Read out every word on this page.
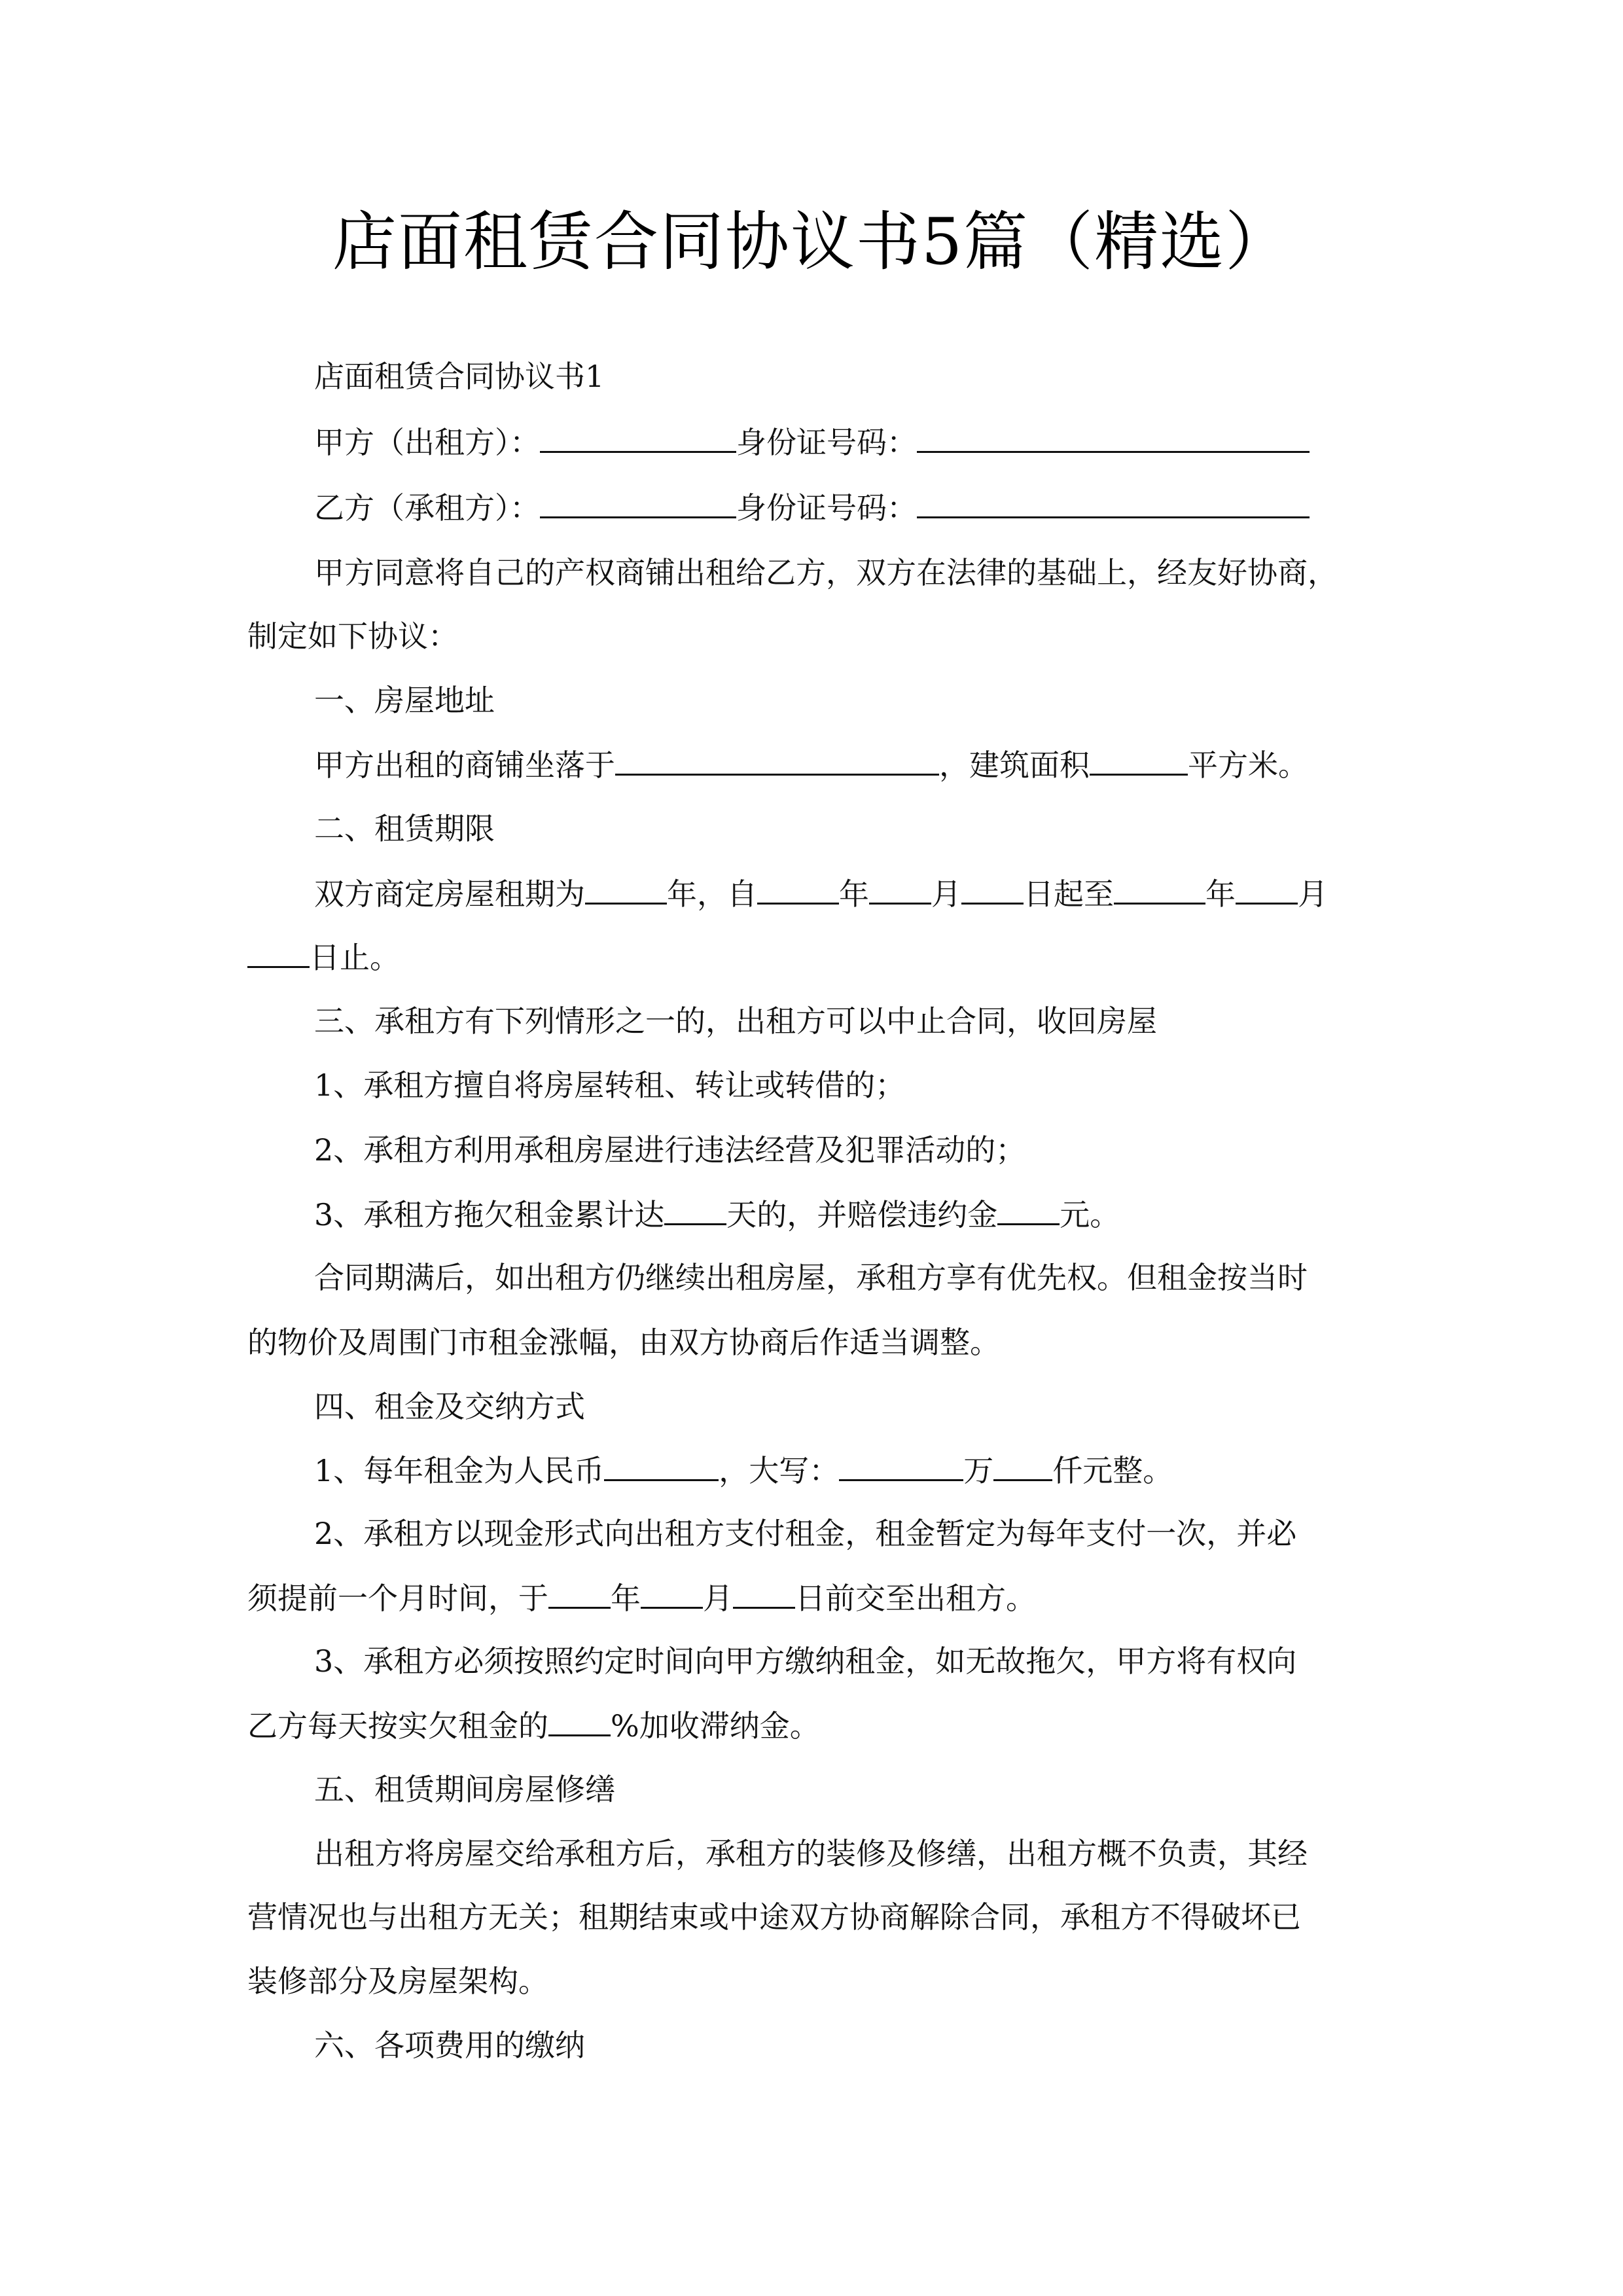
店面租赁合同协议书5篇（精选）
店面租赁合同协议书1
甲方（出租方）：	身份证号码：
乙方（承租方）：	身份证号码：
甲方同意将自己的产权商铺出租给乙方，双方在法律的基础上，经友好协商，
制定如下协议：
一、房屋地址
甲方出租的商铺坐落于	，建筑面积	平方米。
二、租赁期限
双方商定房屋租期为	年，自	年 月 日起至	年 月
日止。
三、承租方有下列情形之一的，出租方可以中止合同，收回房屋
1、承租方擅自将房屋转租、转让或转借的；
2、承租方利用承租房屋进行违法经营及犯罪活动的；
3、承租方拖欠租金累计达 天的，并赔偿违约金 元。
合同期满后，如出租方仍继续出租房屋，承租方享有优先权。但租金按当时
的物价及周围门市租金涨幅，由双方协商后作适当调整。
四、租金及交纳方式
1、每年租金为人民币	，大写：	万 仟元整。
2、承租方以现金形式向出租方支付租金，租金暂定为每年支付一次，并必
须提前一个月时间，于 年 月 日前交至出租方。
3、承租方必须按照约定时间向甲方缴纳租金，如无故拖欠，甲方将有权向
乙方每天按实欠租金的 %加收滞纳金。
五、租赁期间房屋修缮
出租方将房屋交给承租方后，承租方的装修及修缮，出租方概不负责，其经
营情况也与出租方无关；租期结束或中途双方协商解除合同，承租方不得破坏已
装修部分及房屋架构。
六、各项费用的缴纳
